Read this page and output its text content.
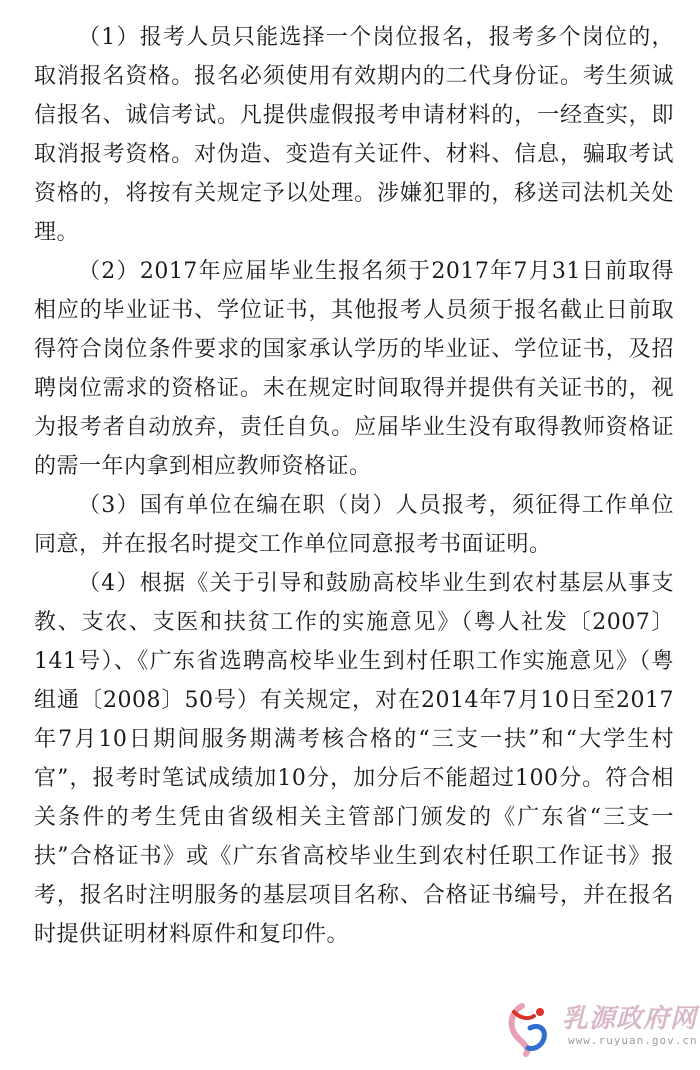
（1）报考人员只能选择一个岗位报名，报考多个岗位的，取消报名资格。报名必须使用有效期内的二代身份证。考生须诚信报名、诚信考试。凡提供虚假报考申请材料的，一经查实，即取消报考资格。对伪造、变造有关证件、材料、信息，骗取考试资格的，将按有关规定予以处理。涉嫌犯罪的，移送司法机关处理。

（2）2017年应届毕业生报名须于2017年7月31日前取得相应的毕业证书、学位证书，其他报考人员须于报名截止日前取得符合岗位条件要求的国家承认学历的毕业证、学位证书，及招聘岗位需求的资格证。未在规定时间取得并提供有关证书的，视为报考者自动放弃，责任自负。应届毕业生没有取得教师资格证的需一年内拿到相应教师资格证。

（3）国有单位在编在职（岗）人员报考，须征得工作单位同意，并在报名时提交工作单位同意报考书面证明。

（4）根据《关于引导和鼓励高校毕业生到农村基层从事支教、支农、支医和扶贫工作的实施意见》（粤人社发〔2007〕141号）、《广东省选聘高校毕业生到村任职工作实施意见》（粤组通〔2008〕50号）有关规定，对在2014年7月10日至2017年7月10日期间服务期满考核合格的“三支一扶”和“大学生村官”，报考时笔试成绩加10分，加分后不能超过100分。符合相关条件的考生凭由省级相关主管部门颁发的《广东省“三支一扶”合格证书》或《广东省高校毕业生到农村任职工作证书》报考，报名时注明服务的基层项目名称、合格证书编号，并在报名时提供证明材料原件和复印件。

乳源政府网
www.ruyuan.gov.cn
